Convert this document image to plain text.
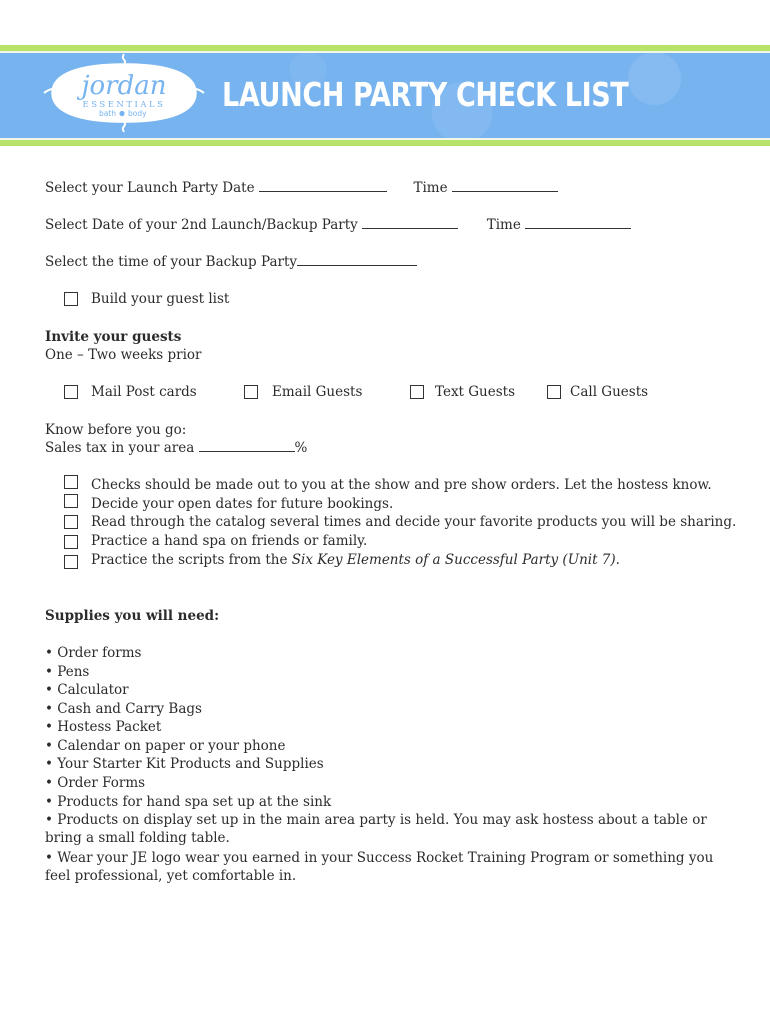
jordan
ESSENTIALS
bath body LAUNCH PARTY CHECK LIST
Select your Launch Party Date	Time
Select Date of your 2nd Launch/Backup Party	Time
Select the time of your Backup Party
Build your guest list
Invite your guests
One – Two weeks prior
Mail Post cards	Email Guests	Text Guests	Call Guests
Know before you go:
Sales tax in your area	%
Checks should be made out to you at the show and pre show orders. Let the hostess know.
Decide your open dates for future bookings.
Read through the catalog several times and decide your favorite products you will be sharing.
Practice a hand spa on friends or family.
Practice the scripts from the Six Key Elements of a Successful Party (Unit 7).
Supplies you will need:
• Order forms
• Pens
• Calculator
• Cash and Carry Bags
• Hostess Packet
• Calendar on paper or your phone
• Your Starter Kit Products and Supplies
• Order Forms
• Products for hand spa set up at the sink
• Products on display set up in the main area party is held. You may ask hostess about a table or bring a small folding table.
• Wear your JE logo wear you earned in your Success Rocket Training Program or something you feel professional, yet comfortable in.
